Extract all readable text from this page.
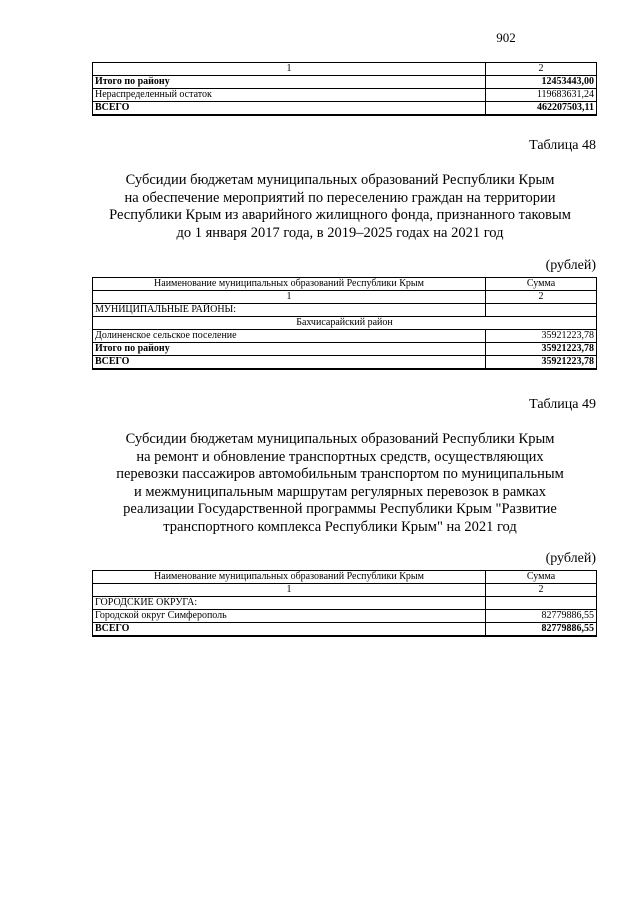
902
1	2
Итого по району	12453443,00
Нераспределенный остаток	119683631,24
ВСЕГО	462207503,11
Таблица 48
Субсидии бюджетам муниципальных образований Республики Крым
на обеспечение мероприятий по переселению граждан на территории
Республики Крым из аварийного жилищного фонда, признанного таковым
до 1 января 2017 года, в 2019–2025 годах на 2021 год
(рублей)
Наименование муниципальных образований Республики Крым	Сумма
1	2
МУНИЦИПАЛЬНЫЕ РАЙОНЫ:	
Бахчисарайский район	
Долиненское сельское поселение	35921223,78
Итого по району	35921223,78
ВСЕГО	35921223,78
Таблица 49
Субсидии бюджетам муниципальных образований Республики Крым
на ремонт и обновление транспортных средств, осуществляющих
перевозки пассажиров автомобильным транспортом по муниципальным
и межмуниципальным маршрутам регулярных перевозок в рамках
реализации Государственной программы Республики Крым "Развитие
транспортного комплекса Республики Крым" на 2021 год
(рублей)
Наименование муниципальных образований Республики Крым	Сумма
1	2
ГОРОДСКИЕ ОКРУГА:	
Городской округ Симферополь	82779886,55
ВСЕГО	82779886,55
